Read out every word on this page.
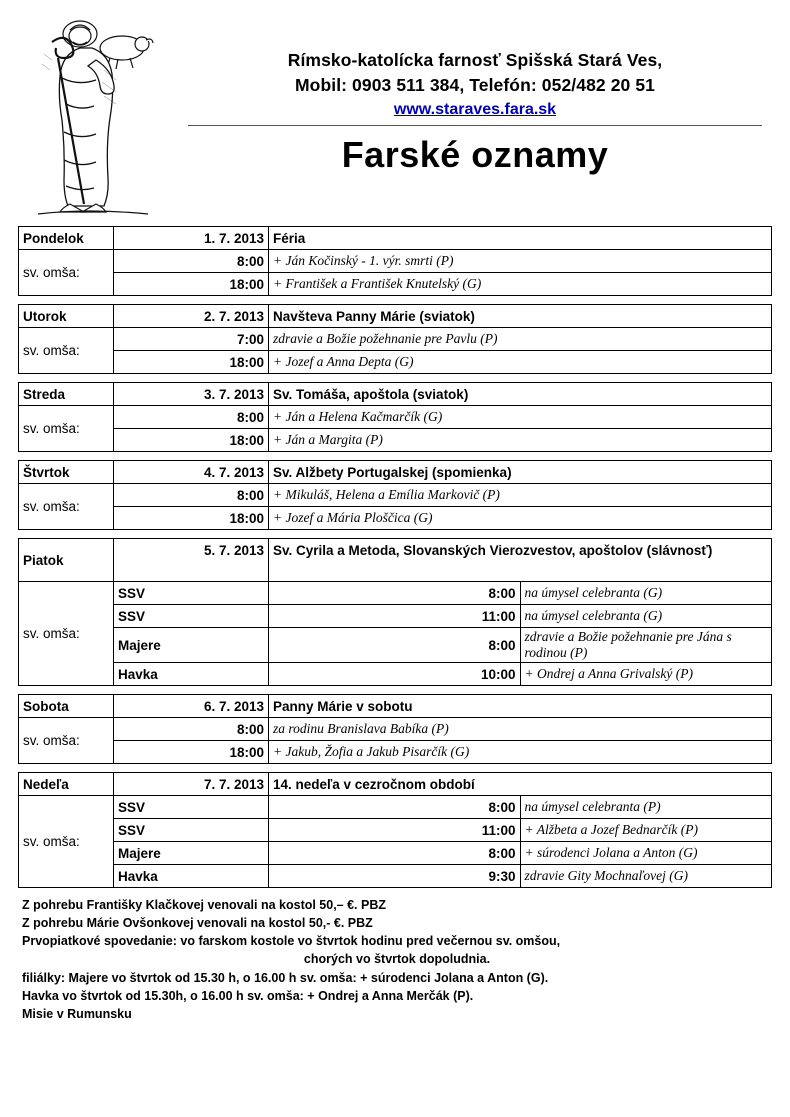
Rímsko-katolícka farnosť Spišská Stará Ves,
Mobil: 0903 511 384, Telefón: 052/482 20 51
www.staraves.fara.sk
Farské oznamy
Pondelok	1. 7. 2013	Féria
sv. omša:	8:00	+ Ján Kočinský - 1. výr. smrti (P)
	18:00	+ František a František Knutelský (G)
Utorok	2. 7. 2013	Navšteva Panny Márie (sviatok)
sv. omša:	7:00	zdravie a Božie požehnanie pre Pavlu (P)
	18:00	+ Jozef a Anna Depta (G)
Streda	3. 7. 2013	Sv. Tomáša, apoštola (sviatok)
sv. omša:	8:00	+ Ján a Helena Kačmarčík (G)
	18:00	+ Ján a Margita (P)
Štvrtok	4. 7. 2013	Sv. Alžbety Portugalskej (spomienka)
sv. omša:	8:00	+ Mikuláš, Helena a Emília Markovič (P)
	18:00	+ Jozef a Mária Ploščica (G)
Piatok	5. 7. 2013	Sv. Cyrila a Metoda, Slovanských Vierozvestov, apoštolov (slávnosť)	
sv. omša:	SSV	8:00	na úmysel celebranta (G)
	SSV	11:00	na úmysel celebranta (G)
	Majere	8:00	zdravie a Božie požehnanie pre Jána s rodinou (P)
	Havka	10:00	+ Ondrej a Anna Grivalský (P)
Sobota	6. 7. 2013	Panny Márie v sobotu
sv. omša:	8:00	za rodinu Branislava Babíka (P)
	18:00	+ Jakub, Žofia a Jakub Pisarčík (G)
Nedeľa	7. 7. 2013	14. nedeľa v cezročnom období	
sv. omša:	SSV	8:00	na úmysel celebranta (P)
	SSV	11:00	+ Alžbeta a Jozef Bednarčík (P)
	Majere	8:00	+ súrodenci Jolana a Anton (G)
	Havka	9:30	zdravie Gity Mochnaľovej (G)
Z pohrebu Františky Klačkovej venovali na kostol 50,– €. PBZ
Z pohrebu Márie Ovšonkovej venovali na kostol 50,- €. PBZ
Prvopiatkové spovedanie: vo farskom kostole vo štvrtok hodinu pred večernou sv. omšou,
chorých vo štvrtok dopoludnia.
filiálky: Majere vo štvrtok od 15.30 h, o 16.00 h sv. omša: + súrodenci Jolana a Anton (G).
Havka vo štvrtok od 15.30h, o 16.00 h sv. omša: + Ondrej a Anna Merčák (P).
Misie v Rumunsku
